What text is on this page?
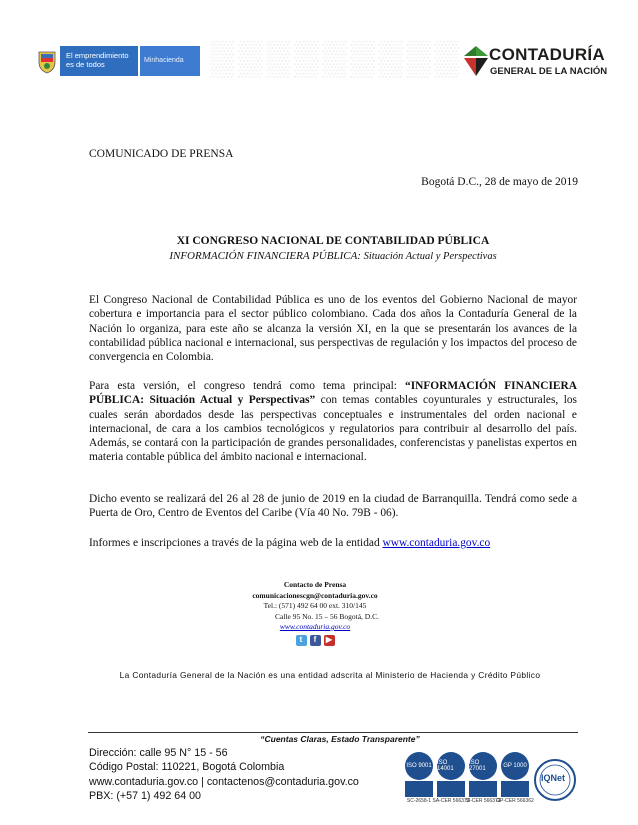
El emprendimiento
es de todos	Minhacienda ▒▒▒▒▒▒▒▒▒ CONTADURÍA
GENERAL DE LA NACIÓN
COMUNICADO DE PRENSA
Bogotá D.C., 28 de mayo de 2019
XI CONGRESO NACIONAL DE CONTABILIDAD PÚBLICA
INFORMACIÓN FINANCIERA PÚBLICA: Situación Actual y Perspectivas
El Congreso Nacional de Contabilidad Pública es uno de los eventos del Gobierno Nacional de mayor cobertura e importancia para el sector público colombiano. Cada dos años la Contaduría General de la Nación lo organiza, para este año se alcanza la versión XI, en la que se presentarán los avances de la contabilidad pública nacional e internacional, sus perspectivas de regulación y los impactos del proceso de convergencia en Colombia.
Para esta versión, el congreso tendrá como tema principal: “INFORMACIÓN FINANCIERA PÚBLICA: Situación Actual y Perspectivas” con temas contables coyunturales y estructurales, los cuales serán abordados desde las perspectivas conceptuales e instrumentales del orden nacional e internacional, de cara a los cambios tecnológicos y regulatorios para contribuir al desarrollo del país. Además, se contará con la participación de grandes personalidades, conferencistas y panelistas expertos en materia contable pública del ámbito nacional e internacional.
Dicho evento se realizará del 26 al 28 de junio de 2019 en la ciudad de Barranquilla. Tendrá como sede a Puerta de Oro, Centro de Eventos del Caribe (Vía 40 No. 79B - 06).
Informes e inscripciones a través de la página web de la entidad www.contaduria.gov.co
Contacto de Prensa
comunicacionescgn@contaduria.gov.co
Tel.: (571) 492 64 00 ext. 310/145
Calle 95 No. 15 – 56 Bogotá, D.C.
www.contaduria.gov.co
t	f	▶
La Contaduría General de la Nación es una entidad adscrita al Ministerio de Hacienda y Crédito Público
“Cuentas Claras, Estado Transparente”
Dirección: calle 95 N° 15 - 56
Código Postal: 110221, Bogotá Colombia
www.contaduria.gov.co | contactenos@contaduria.gov.co
PBX: (+57 1) 492 64 00
ISO 9001
SC-2658-1
ISO 14001
SA-CER 566373
ISO 27001
SI-CER 566373
GP 1000
GP-CER 566362
IQNet
